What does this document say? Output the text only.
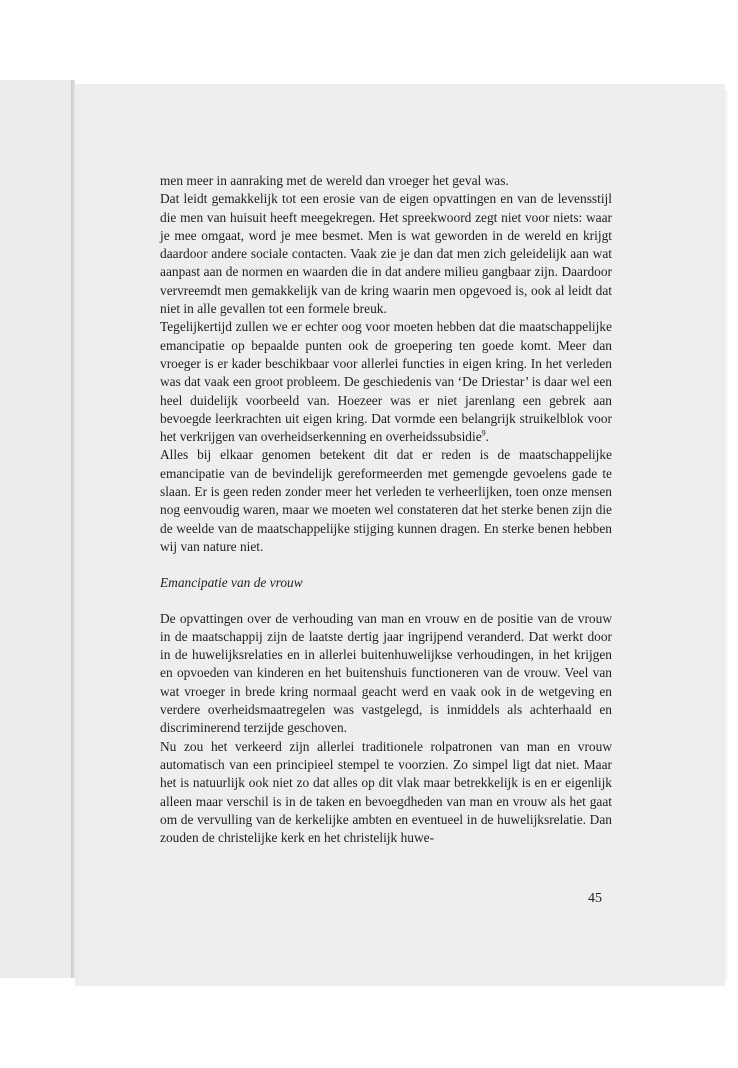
men meer in aanraking met de wereld dan vroeger het geval was.

Dat leidt gemakkelijk tot een erosie van de eigen opvattingen en van de levensstijl die men van huisuit heeft meegekregen. Het spreekwoord zegt niet voor niets: waar je mee omgaat, word je mee besmet. Men is wat geworden in de wereld en krijgt daardoor andere sociale contacten. Vaak zie je dan dat men zich geleidelijk aan wat aanpast aan de normen en waarden die in dat andere milieu gangbaar zijn. Daardoor vervreemdt men gemakkelijk van de kring waarin men opgevoed is, ook al leidt dat niet in alle gevallen tot een formele breuk.

Tegelijkertijd zullen we er echter oog voor moeten hebben dat die maatschappelijke emancipatie op bepaalde punten ook de groepering ten goede komt. Meer dan vroeger is er kader beschikbaar voor allerlei functies in eigen kring. In het verleden was dat vaak een groot probleem. De geschiedenis van ‘De Driestar’ is daar wel een heel duidelijk voorbeeld van. Hoezeer was er niet jarenlang een gebrek aan bevoegde leerkrachten uit eigen kring. Dat vormde een belangrijk struikelblok voor het verkrijgen van overheidserkenning en overheidssubsidie$^9$.

Alles bij elkaar genomen betekent dit dat er reden is de maatschappelijke emancipatie van de bevindelijk gereformeerden met gemengde gevoelens gade te slaan. Er is geen reden zonder meer het verleden te verheerlijken, toen onze mensen nog eenvoudig waren, maar we moeten wel constateren dat het sterke benen zijn die de weelde van de maatschappelijke stijging kunnen dragen. En sterke benen hebben wij van nature niet.

Emancipatie van de vrouw

De opvattingen over de verhouding van man en vrouw en de positie van de vrouw in de maatschappij zijn de laatste dertig jaar ingrijpend veranderd. Dat werkt door in de huwelijksrelaties en in allerlei buitenhuwelijkse verhoudingen, in het krijgen en opvoeden van kinderen en het buitenshuis functioneren van de vrouw. Veel van wat vroeger in brede kring normaal geacht werd en vaak ook in de wetgeving en verdere overheidsmaatregelen was vastgelegd, is inmiddels als achterhaald en discriminerend terzijde geschoven.

Nu zou het verkeerd zijn allerlei traditionele rolpatronen van man en vrouw automatisch van een principieel stempel te voorzien. Zo simpel ligt dat niet. Maar het is natuurlijk ook niet zo dat alles op dit vlak maar betrekkelijk is en er eigenlijk alleen maar verschil is in de taken en bevoegdheden van man en vrouw als het gaat om de vervulling van de kerkelijke ambten en eventueel in de huwelijksrelatie. Dan zouden de christelijke kerk en het christelijk huwe-

45
